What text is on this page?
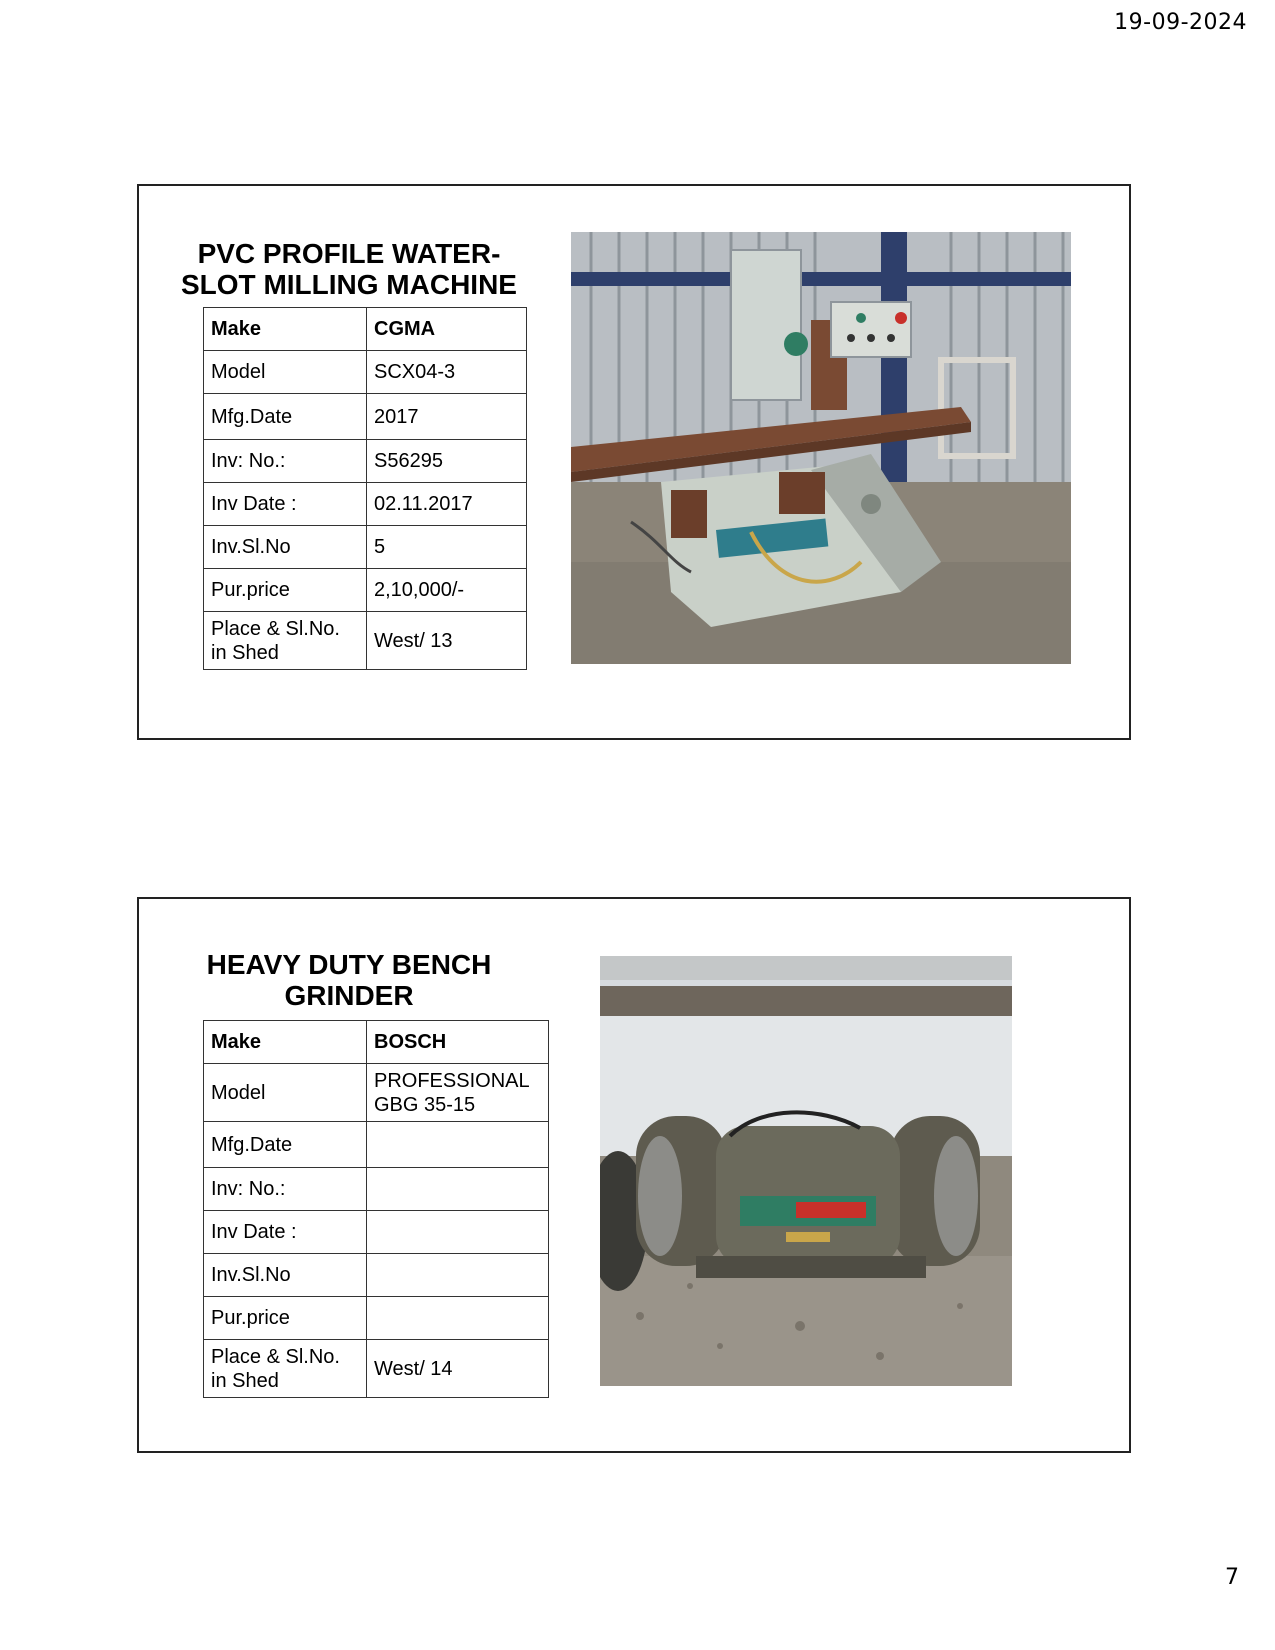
19-09-2024
PVC PROFILE WATER-
SLOT MILLING MACHINE
Make	CGMA
Model	SCX04-3
Mfg.Date	2017
Inv: No.:	S56295
Inv Date :	02.11.2017
Inv.Sl.No	5
Pur.price	2,10,000/-
Place & Sl.No.
in Shed	West/ 13
HEAVY DUTY BENCH
GRINDER
Make	BOSCH
Model	PROFESSIONAL
GBG 35-15
Mfg.Date	
Inv: No.:	
Inv Date :	
Inv.Sl.No	
Pur.price	
Place & Sl.No.
in Shed	West/ 14
7
